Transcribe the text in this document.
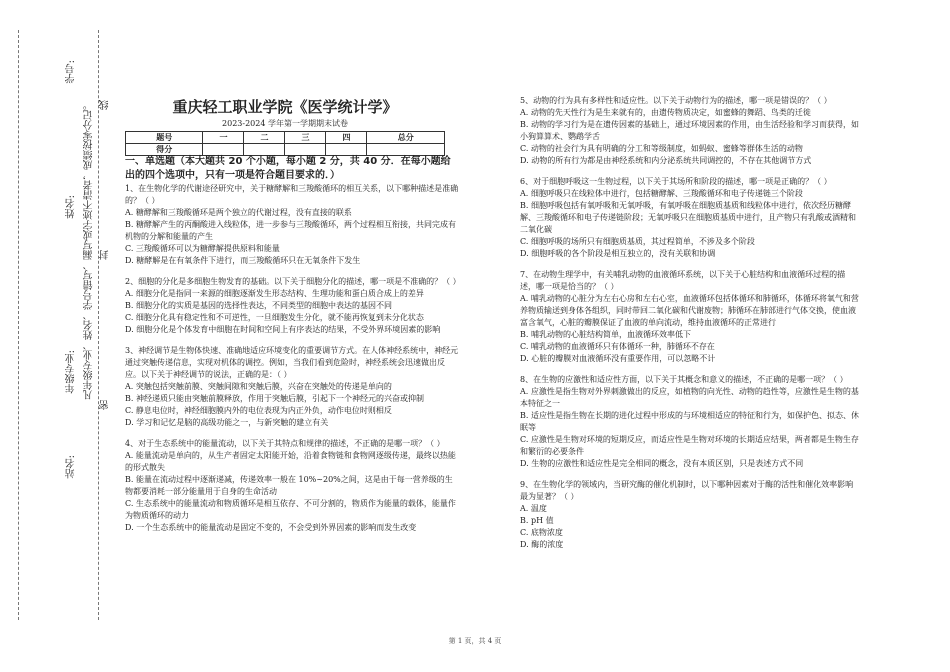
学号:
姓名:
年级专业:
站名:
凡年级专业、姓名、学号错写、漏写或字迹不清者，成绩按零分记。 线
封
密
重庆轻工职业学院《医学统计学》
2023-2024 学年第一学期期末试卷
题号	一	二	三	四	总分
得分					

一、单选题（本大题共 20 个小题，每小题 2 分，共 40 分．在每小题给出的四个选项中，只有一项是符合题目要求的．）

1、在生物化学的代谢途径研究中，关于糖酵解和三羧酸循环的相互关系，以下哪种描述是准确的？（ ）

A. 糖酵解和三羧酸循环是两个独立的代谢过程，没有直接的联系

B. 糖酵解产生的丙酮酸进入线粒体，进一步参与三羧酸循环，两个过程相互衔接，共同完成有机物的分解和能量的产生

C. 三羧酸循环可以为糖酵解提供原料和能量

D. 糖酵解是在有氧条件下进行，而三羧酸循环只在无氧条件下发生

2、细胞的分化是多细胞生物发育的基础。以下关于细胞分化的描述，哪一项是不准确的？（ ）

A. 细胞分化是指同一来源的细胞逐渐发生形态结构、生理功能和蛋白质合成上的差异

B. 细胞分化的实质是基因的选择性表达，不同类型的细胞中表达的基因不同

C. 细胞分化具有稳定性和不可逆性，一旦细胞发生分化，就不能再恢复到未分化状态

D. 细胞分化是个体发育中细胞在时间和空间上有序表达的结果，不受外界环境因素的影响

3、神经调节是生物体快速、准确地适应环境变化的重要调节方式。在人体神经系统中，神经元通过突触传递信息，实现对机体的调控。例如，当我们看到危险时，神经系统会迅速做出反应。以下关于神经调节的说法，正确的是：（ ）

A. 突触包括突触前膜、突触间隙和突触后膜，兴奋在突触处的传递是单向的

B. 神经递质只能由突触前膜释放，作用于突触后膜，引起下一个神经元的兴奋或抑制

C. 静息电位时，神经细胞膜内外的电位表现为内正外负，动作电位时则相反

D. 学习和记忆是脑的高级功能之一，与新突触的建立有关

4、对于生态系统中的能量流动，以下关于其特点和规律的描述，不正确的是哪一项？（ ）

A. 能量流动是单向的，从生产者固定太阳能开始，沿着食物链和食物网逐级传递，最终以热能的形式散失

B. 能量在流动过程中逐渐递减，传递效率一般在 10%~20%之间，这是由于每一营养级的生物都要消耗一部分能量用于自身的生命活动

C. 生态系统中的能量流动和物质循环是相互依存、不可分割的，物质作为能量的载体，能量作为物质循环的动力

D. 一个生态系统中的能量流动是固定不变的，不会受到外界因素的影响而发生改变

5、动物的行为具有多样性和适应性。以下关于动物行为的描述，哪一项是错误的？（ ）

A. 动物的先天性行为是生来就有的，由遗传物质决定，如蜜蜂的舞蹈、鸟类的迁徙

B. 动物的学习行为是在遗传因素的基础上，通过环境因素的作用，由生活经验和学习而获得，如小狗算算术、鹦鹉学舌

C. 动物的社会行为具有明确的分工和等级制度，如蚂蚁、蜜蜂等群体生活的动物

D. 动物的所有行为都是由神经系统和内分泌系统共同调控的，不存在其他调节方式

6、对于细胞呼吸这一生物过程，以下关于其场所和阶段的描述，哪一项是正确的？（ ）

A. 细胞呼吸只在线粒体中进行，包括糖酵解、三羧酸循环和电子传递链三个阶段

B. 细胞呼吸包括有氧呼吸和无氧呼吸，有氧呼吸在细胞质基质和线粒体中进行，依次经历糖酵解、三羧酸循环和电子传递链阶段；无氧呼吸只在细胞质基质中进行，且产物只有乳酸或酒精和二氧化碳

C. 细胞呼吸的场所只有细胞质基质，其过程简单，不涉及多个阶段

D. 细胞呼吸的各个阶段是相互独立的，没有关联和协调

7、在动物生理学中，有关哺乳动物的血液循环系统，以下关于心脏结构和血液循环过程的描述，哪一项是恰当的？（ ）

A. 哺乳动物的心脏分为左右心房和左右心室，血液循环包括体循环和肺循环，体循环将氧气和营养物质输送到身体各组织，同时带回二氧化碳和代谢废物；肺循环在肺部进行气体交换，使血液富含氧气，心脏的瓣膜保证了血液的单向流动，维持血液循环的正常进行

B. 哺乳动物的心脏结构简单，血液循环效率低下

C. 哺乳动物的血液循环只有体循环一种，肺循环不存在

D. 心脏的瓣膜对血液循环没有重要作用，可以忽略不计

8、在生物的应激性和适应性方面，以下关于其概念和意义的描述，不正确的是哪一项？（ ）

A. 应激性是指生物对外界刺激做出的反应，如植物的向光性、动物的趋性等，应激性是生物的基本特征之一

B. 适应性是指生物在长期的进化过程中形成的与环境相适应的特征和行为，如保护色、拟态、休眠等

C. 应激性是生物对环境的短期反应，而适应性是生物对环境的长期适应结果，两者都是生物生存和繁衍的必要条件

D. 生物的应激性和适应性是完全相同的概念，没有本质区别，只是表述方式不同

9、在生物化学的领域内，当研究酶的催化机制时，以下哪种因素对于酶的活性和催化效率影响最为显著？（ ）

A. 温度

B. pH 值

C. 底物浓度

D. 酶的浓度

第 1 页，共 4 页
